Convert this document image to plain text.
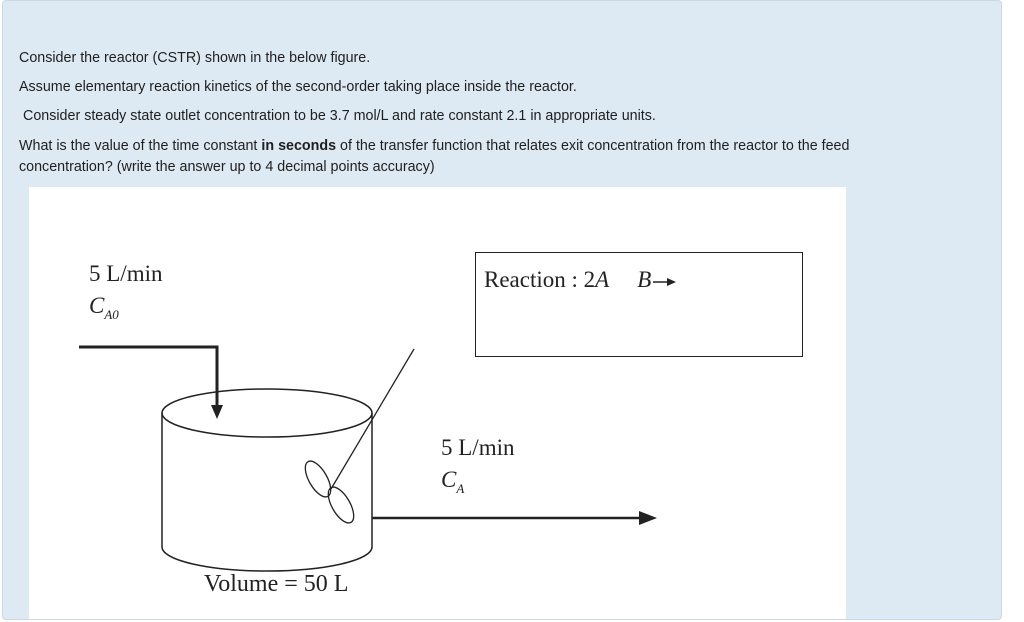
Consider the reactor (CSTR) shown in the below figure.
Assume elementary reaction kinetics of the second-order taking place inside the reactor.
Consider steady state outlet concentration to be 3.7 mol/L and rate constant 2.1 in appropriate units.
What is the value of the time constant in seconds of the transfer function that relates exit concentration from the reactor to the feed concentration? (write the answer up to 4 decimal points accuracy)
5 L/min
$C_{A0}$
Reaction : 2A B
5 L/min
$C_A$
Volume = 50 L
